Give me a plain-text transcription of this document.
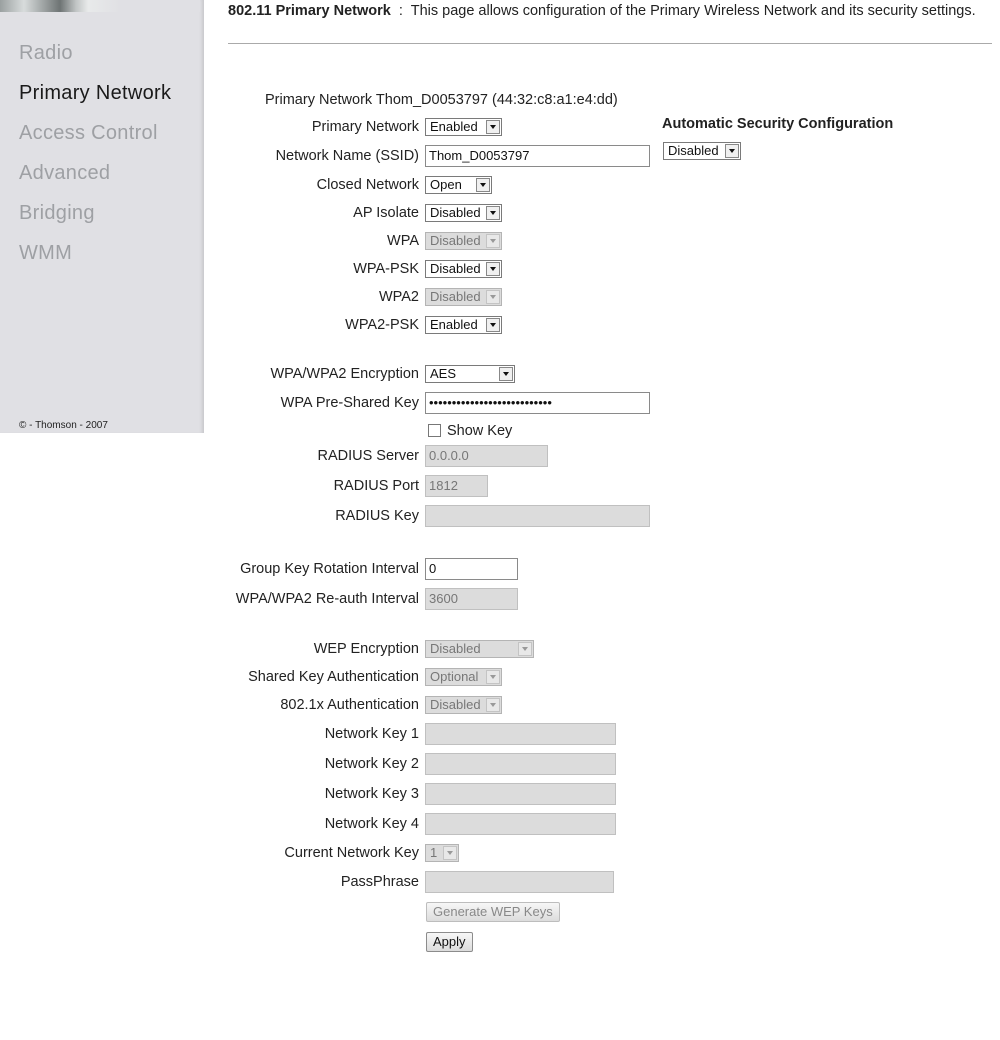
Radio
Primary Network
Access Control
Advanced
Bridging
WMM
© - Thomson - 2007
802.11 Primary Network : This page allows configuration of the Primary Wireless Network and its security settings.
Primary Network Thom_D0053797 (44:32:c8:a1:e4:dd)
Automatic Security Configuration
Disabled
Primary Network Enabled
Network Name (SSID) Thom_D0053797
Closed Network Open
AP Isolate Disabled
WPA Disabled
WPA-PSK Disabled
WPA2 Disabled
WPA2-PSK Enabled
WPA/WPA2 Encryption AES
WPA Pre-Shared Key •••••••••••••••••••••••••••
Show Key
RADIUS Server 0.0.0.0
RADIUS Port 1812
RADIUS Key
Group Key Rotation Interval 0
WPA/WPA2 Re-auth Interval 3600
WEP Encryption Disabled
Shared Key Authentication Optional
802.1x Authentication Disabled
Network Key 1
Network Key 2
Network Key 3
Network Key 4
Current Network Key 1
PassPhrase
Generate WEP Keys
Apply
